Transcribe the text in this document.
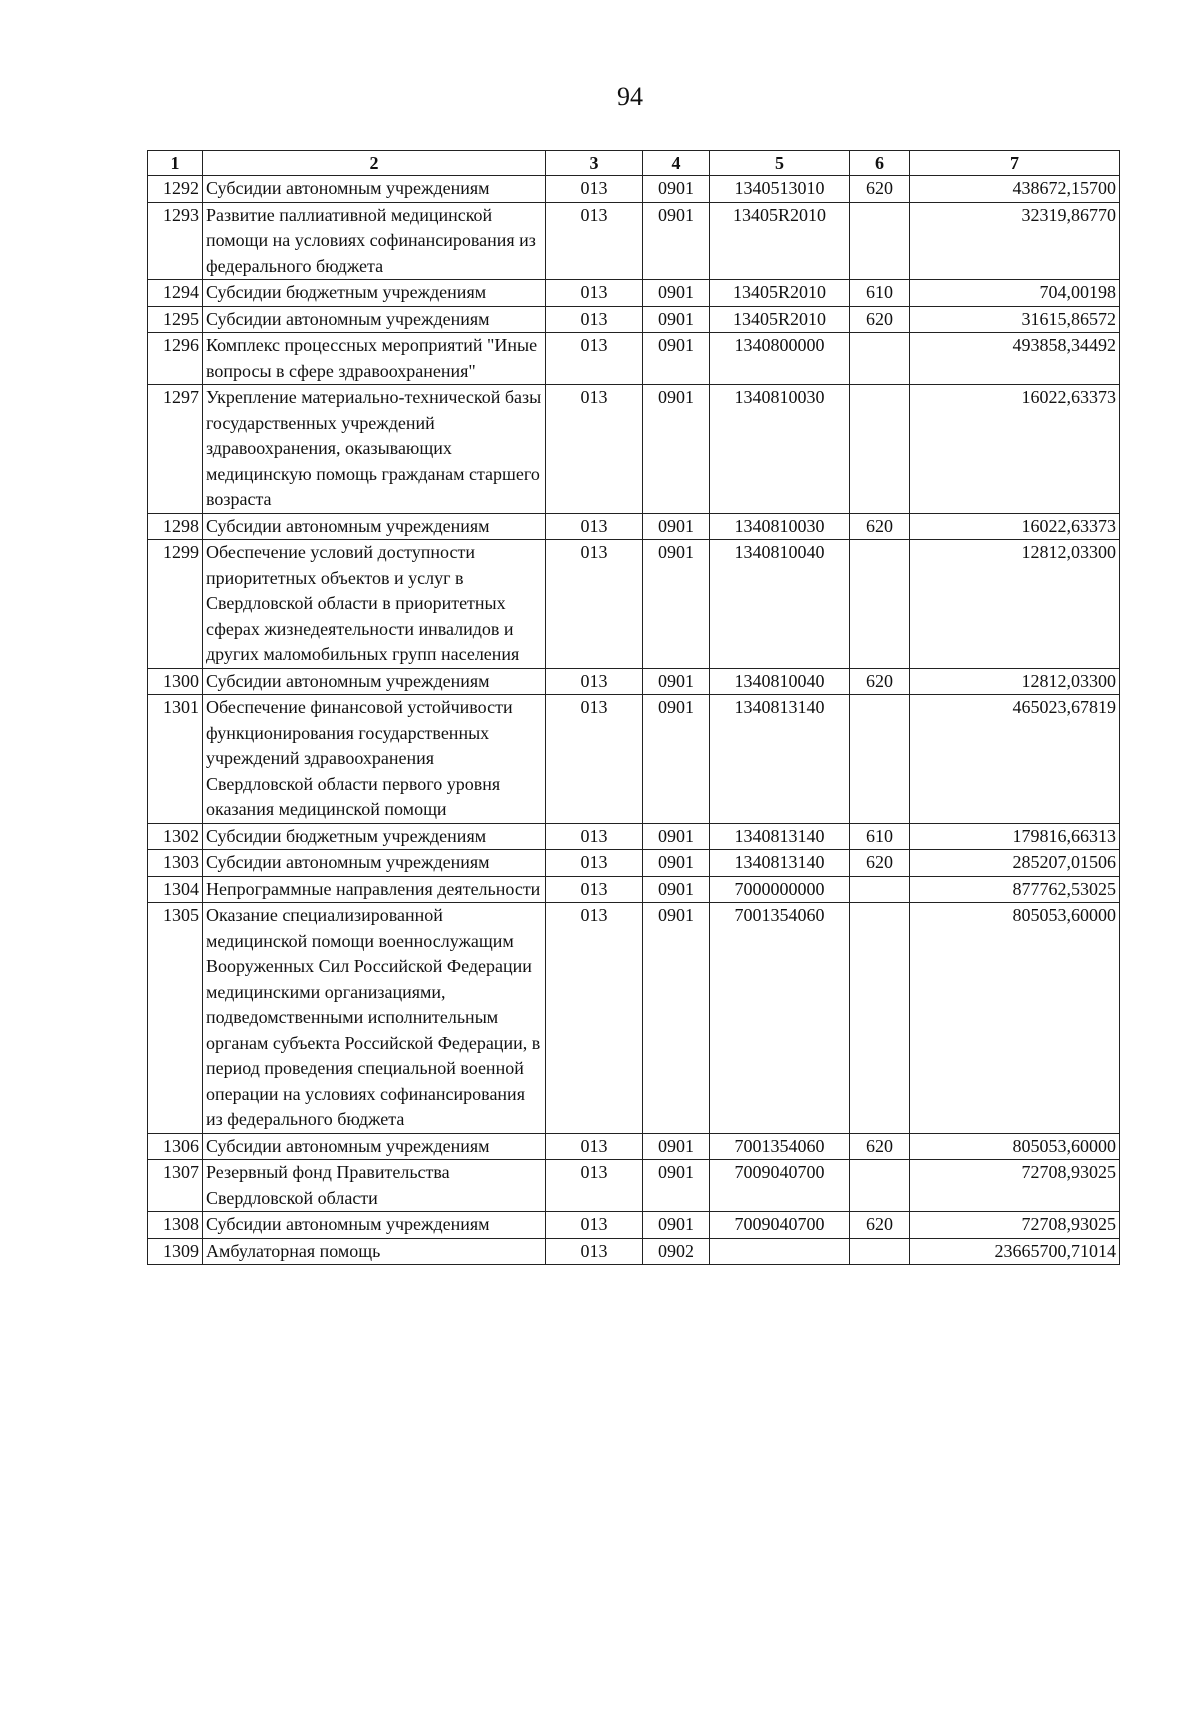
94
1	2	3	4	5	6	7
1292	Субсидии автономным учреждениям	013	0901	1340513010	620	438672,15700
1293	Развитие паллиативной медицинской помощи на условиях софинансирования из федерального бюджета	013	0901	13405R2010		32319,86770
1294	Субсидии бюджетным учреждениям	013	0901	13405R2010	610	704,00198
1295	Субсидии автономным учреждениям	013	0901	13405R2010	620	31615,86572
1296	Комплекс процессных мероприятий "Иные вопросы в сфере здравоохранения"	013	0901	1340800000		493858,34492
1297	Укрепление материально-технической базы государственных учреждений здравоохранения, оказывающих медицинскую помощь гражданам старшего возраста	013	0901	1340810030		16022,63373
1298	Субсидии автономным учреждениям	013	0901	1340810030	620	16022,63373
1299	Обеспечение условий доступности приоритетных объектов и услуг в Свердловской области в приоритетных сферах жизнедеятельности инвалидов и других маломобильных групп населения	013	0901	1340810040		12812,03300
1300	Субсидии автономным учреждениям	013	0901	1340810040	620	12812,03300
1301	Обеспечение финансовой устойчивости функционирования государственных учреждений здравоохранения Свердловской области первого уровня оказания медицинской помощи	013	0901	1340813140		465023,67819
1302	Субсидии бюджетным учреждениям	013	0901	1340813140	610	179816,66313
1303	Субсидии автономным учреждениям	013	0901	1340813140	620	285207,01506
1304	Непрограммные направления деятельности	013	0901	7000000000		877762,53025
1305	Оказание специализированной медицинской помощи военнослужащим Вооруженных Сил Российской Федерации медицинскими организациями, подведомственными исполнительным органам субъекта Российской Федерации, в период проведения специальной военной операции на условиях софинансирования из федерального бюджета	013	0901	7001354060		805053,60000
1306	Субсидии автономным учреждениям	013	0901	7001354060	620	805053,60000
1307	Резервный фонд Правительства Свердловской области	013	0901	7009040700		72708,93025
1308	Субсидии автономным учреждениям	013	0901	7009040700	620	72708,93025
1309	Амбулаторная помощь	013	0902			23665700,71014
